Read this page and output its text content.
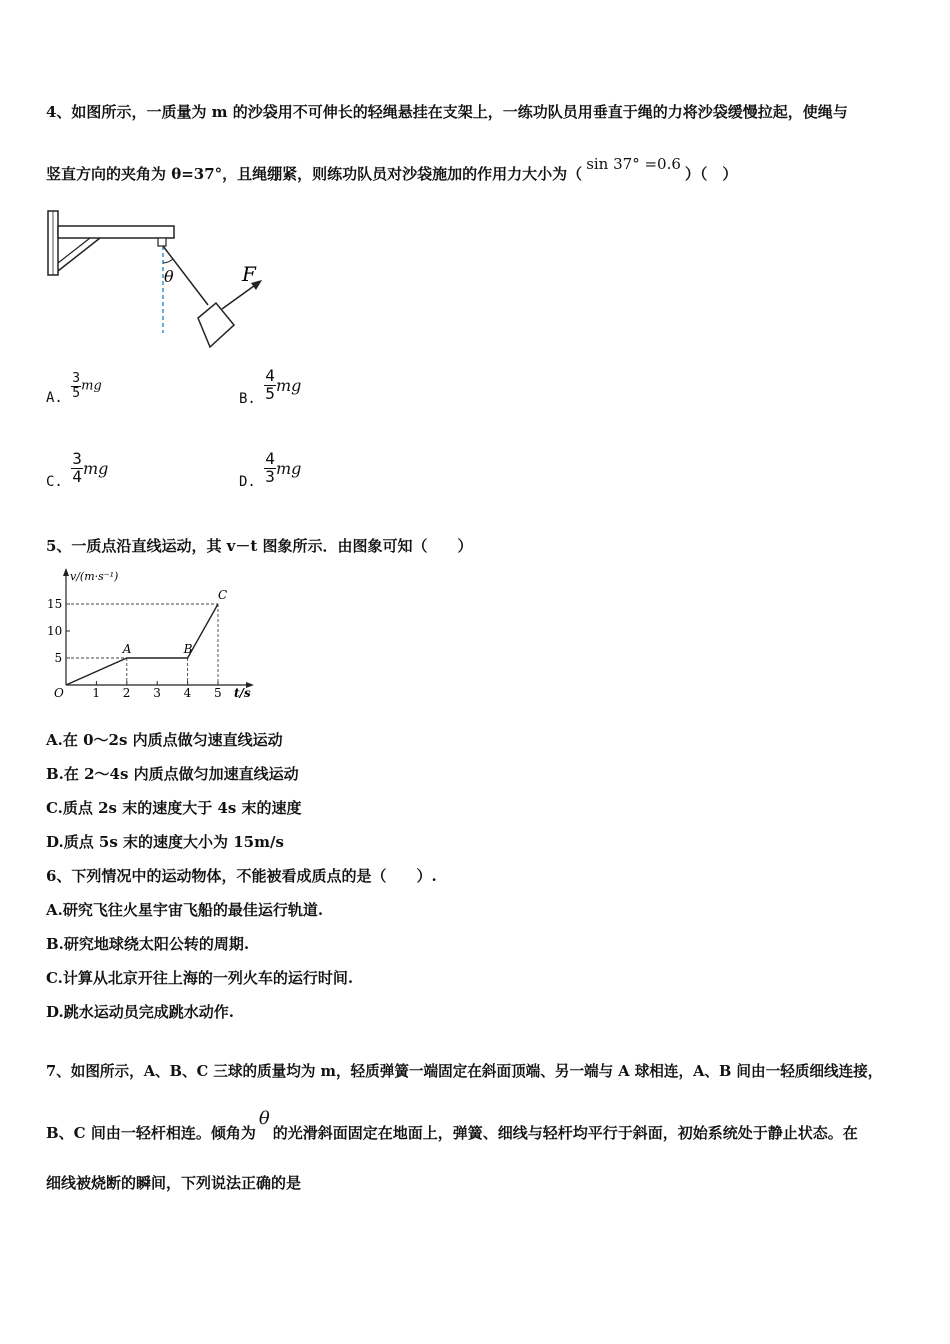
4、如图所示，一质量为 m 的沙袋用不可伸长的轻绳悬挂在支架上，一练功队员用垂直于绳的力将沙袋缓慢拉起，使绳与
竖直方向的夹角为 θ=37°，且绳绷紧，则练功队员对沙袋施加的作用力大小为（sin 37° =0.6）（　）
θ	F
A. $\frac{3}{5}$ mg
B. $\frac{4}{5}$ mg
C. $\frac{3}{4}$ mg
D. $\frac{4}{3}$ mg
5、一质点沿直线运动，其 v－t 图象所示．由图象可知（　　）
v/(m·s⁻¹)
t/s
O 1 2 3 4 5
5
10
15
A	B
C
A.在 0～2s 内质点做匀速直线运动
B.在 2～4s 内质点做匀加速直线运动
C.质点 2s 末的速度大于 4s 末的速度
D.质点 5s 末的速度大小为 15m/s
6、下列情况中的运动物体，不能被看成质点的是（　　）.
A.研究飞往火星宇宙飞船的最佳运行轨道.
B.研究地球绕太阳公转的周期.
C.计算从北京开往上海的一列火车的运行时间.
D.跳水运动员完成跳水动作.
7、如图所示，A、B、C 三球的质量均为 m，轻质弹簧一端固定在斜面顶端、另一端与 A 球相连，A、B 间由一轻质细线连接，
B、C 间由一轻杆相连。倾角为θ的光滑斜面固定在地面上，弹簧、细线与轻杆均平行于斜面，初始系统处于静止状态。在
细线被烧断的瞬间，下列说法正确的是
